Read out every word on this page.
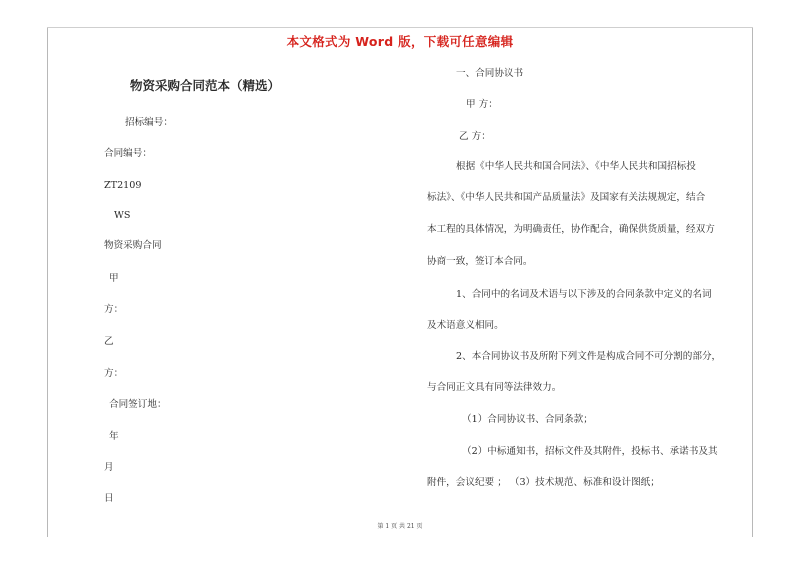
本文格式为 Word 版，下载可任意编辑
物资采购合同范本（精选）
招标编号：
合同编号：
ZT2109
WS
物资采购合同
甲
方：
乙
方：
合同签订地：
年
月
日
一、合同协议书
甲 方：
乙 方：
根据《中华人民共和国合同法》、《中华人民共和国招标投
标法》、《中华人民共和国产品质量法》及国家有关法规规定，结合
本工程的具体情况，为明确责任，协作配合，确保供货质量，经双方
协商一致，签订本合同。
1、合同中的名词及术语与以下涉及的合同条款中定义的名词
及术语意义相同。
2、本合同协议书及所附下列文件是构成合同不可分割的部分，
与合同正文具有同等法律效力。
（1）合同协议书、合同条款；
（2）中标通知书，招标文件及其附件，投标书、承诺书及其
附件，会议纪要 ； （3）技术规范、标准和设计图纸；
第 1 页 共 21 页
